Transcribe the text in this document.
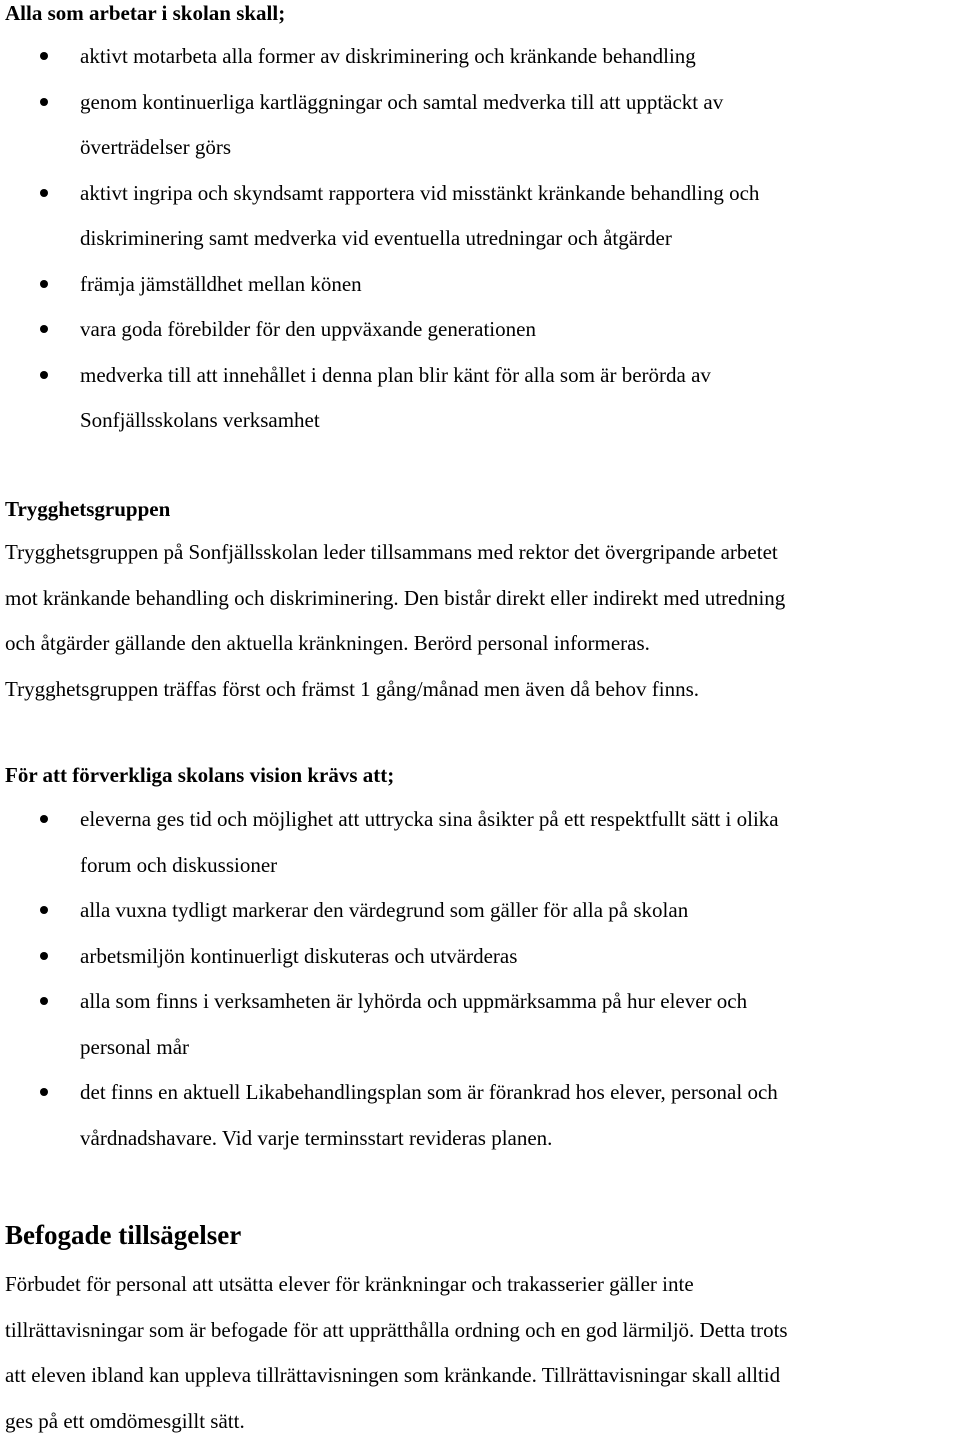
Alla som arbetar i skolan skall;
aktivt motarbeta alla former av diskriminering och kränkande behandling
genom kontinuerliga kartläggningar och samtal medverka till att upptäckt av
överträdelser görs
aktivt ingripa och skyndsamt rapportera vid misstänkt kränkande behandling och
diskriminering samt medverka vid eventuella utredningar och åtgärder
främja jämställdhet mellan könen
vara goda förebilder för den uppväxande generationen
medverka till att innehållet i denna plan blir känt för alla som är berörda av
Sonfjällsskolans verksamhet
Trygghetsgruppen
Trygghetsgruppen på Sonfjällsskolan leder tillsammans med rektor det övergripande arbetet
mot kränkande behandling och diskriminering. Den bistår direkt eller indirekt med utredning
och åtgärder gällande den aktuella kränkningen. Berörd personal informeras.
Trygghetsgruppen träffas först och främst 1 gång/månad men även då behov finns.
För att förverkliga skolans vision krävs att;
eleverna ges tid och möjlighet att uttrycka sina åsikter på ett respektfullt sätt i olika
forum och diskussioner
alla vuxna tydligt markerar den värdegrund som gäller för alla på skolan
arbetsmiljön kontinuerligt diskuteras och utvärderas
alla som finns i verksamheten är lyhörda och uppmärksamma på hur elever och
personal mår
det finns en aktuell Likabehandlingsplan som är förankrad hos elever, personal och
vårdnadshavare. Vid varje terminsstart revideras planen.
Befogade tillsägelser
Förbudet för personal att utsätta elever för kränkningar och trakasserier gäller inte
tillrättavisningar som är befogade för att upprätthålla ordning och en god lärmiljö. Detta trots
att eleven ibland kan uppleva tillrättavisningen som kränkande. Tillrättavisningar skall alltid
ges på ett omdömesgillt sätt.
